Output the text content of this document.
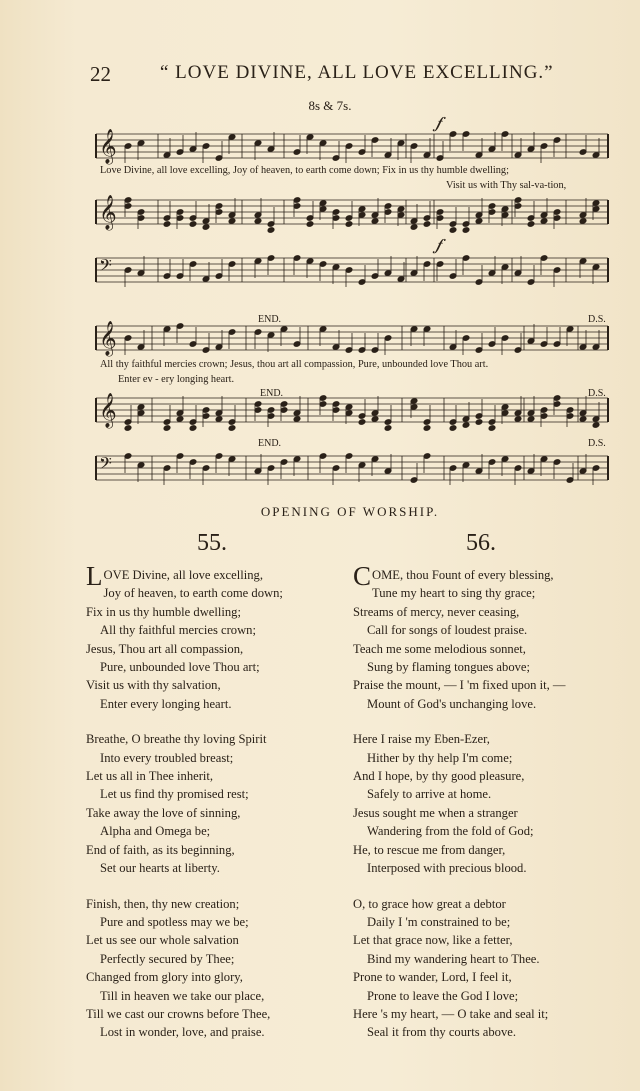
22	“ LOVE DIVINE, ALL LOVE EXCELLING.”
8s & 7s.
𝄞
𝄞
𝄢
𝄞
𝄞
𝄢
𝆑
𝆑
END.
END.
END.
D.S.
D.S.
D.S.
Love Divine, all love excelling, Joy of heaven, to earth come down; Fix in us thy humble dwelling;
Visit us with Thy sal-va-tion,
All thy faithful mercies crown; Jesus, thou art all compassion, Pure, unbounded love Thou art.
Enter ev - ery longing heart.
OPENING OF WORSHIP.
55.	56.
LOVE Divine, all love excelling,
Joy of heaven, to earth come down;
Fix in us thy humble dwelling;
All thy faithful mercies crown;
Jesus, Thou art all compassion,
Pure, unbounded love Thou art;
Visit us with thy salvation,
Enter every longing heart.
Breathe, O breathe thy loving Spirit
Into every troubled breast;
Let us all in Thee inherit,
Let us find thy promised rest;
Take away the love of sinning,
Alpha and Omega be;
End of faith, as its beginning,
Set our hearts at liberty.
Finish, then, thy new creation;
Pure and spotless may we be;
Let us see our whole salvation
Perfectly secured by Thee;
Changed from glory into glory,
Till in heaven we take our place,
Till we cast our crowns before Thee,
Lost in wonder, love, and praise.
COME, thou Fount of every blessing,
Tune my heart to sing thy grace;
Streams of mercy, never ceasing,
Call for songs of loudest praise.
Teach me some melodious sonnet,
Sung by flaming tongues above;
Praise the mount, — I 'm fixed upon it, —
Mount of God's unchanging love.
Here I raise my Eben-Ezer,
Hither by thy help I'm come;
And I hope, by thy good pleasure,
Safely to arrive at home.
Jesus sought me when a stranger
Wandering from the fold of God;
He, to rescue me from danger,
Interposed with precious blood.
O, to grace how great a debtor
Daily I 'm constrained to be;
Let that grace now, like a fetter,
Bind my wandering heart to Thee.
Prone to wander, Lord, I feel it,
Prone to leave the God I love;
Here 's my heart, — O take and seal it;
Seal it from thy courts above.
